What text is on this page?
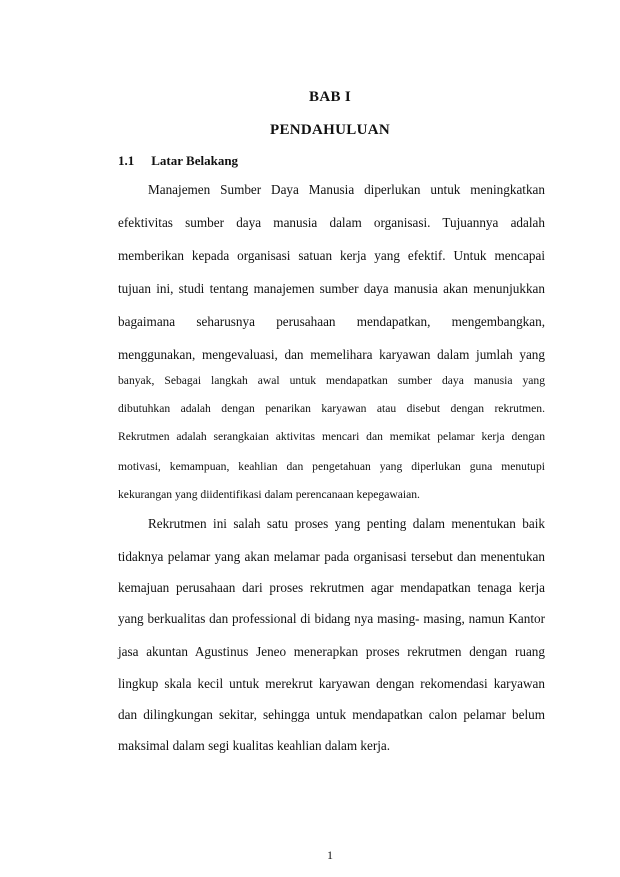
BAB I
PENDAHULUAN
1.1 Latar Belakang
Manajemen Sumber Daya Manusia diperlukan untuk meningkatkan
efektivitas sumber daya manusia dalam organisasi. Tujuannya adalah
memberikan kepada organisasi satuan kerja yang efektif. Untuk mencapai
tujuan ini, studi tentang manajemen sumber daya manusia akan menunjukkan
bagaimana seharusnya perusahaan mendapatkan, mengembangkan,
menggunakan, mengevaluasi, dan memelihara karyawan dalam jumlah yang
banyak, Sebagai langkah awal untuk mendapatkan sumber daya manusia yang
dibutuhkan adalah dengan penarikan karyawan atau disebut dengan rekrutmen.
Rekrutmen adalah serangkaian aktivitas mencari dan memikat pelamar kerja dengan
motivasi, kemampuan, keahlian dan pengetahuan yang diperlukan guna menutupi
kekurangan yang diidentifikasi dalam perencanaan kepegawaian.
Rekrutmen ini salah satu proses yang penting dalam menentukan baik
tidaknya pelamar yang akan melamar pada organisasi tersebut dan menentukan
kemajuan perusahaan dari proses rekrutmen agar mendapatkan tenaga kerja
yang berkualitas dan professional di bidang nya masing- masing, namun Kantor
jasa akuntan Agustinus Jeneo menerapkan proses rekrutmen dengan ruang
lingkup skala kecil untuk merekrut karyawan dengan rekomendasi karyawan
dan dilingkungan sekitar, sehingga untuk mendapatkan calon pelamar belum
maksimal dalam segi kualitas keahlian dalam kerja.
1
